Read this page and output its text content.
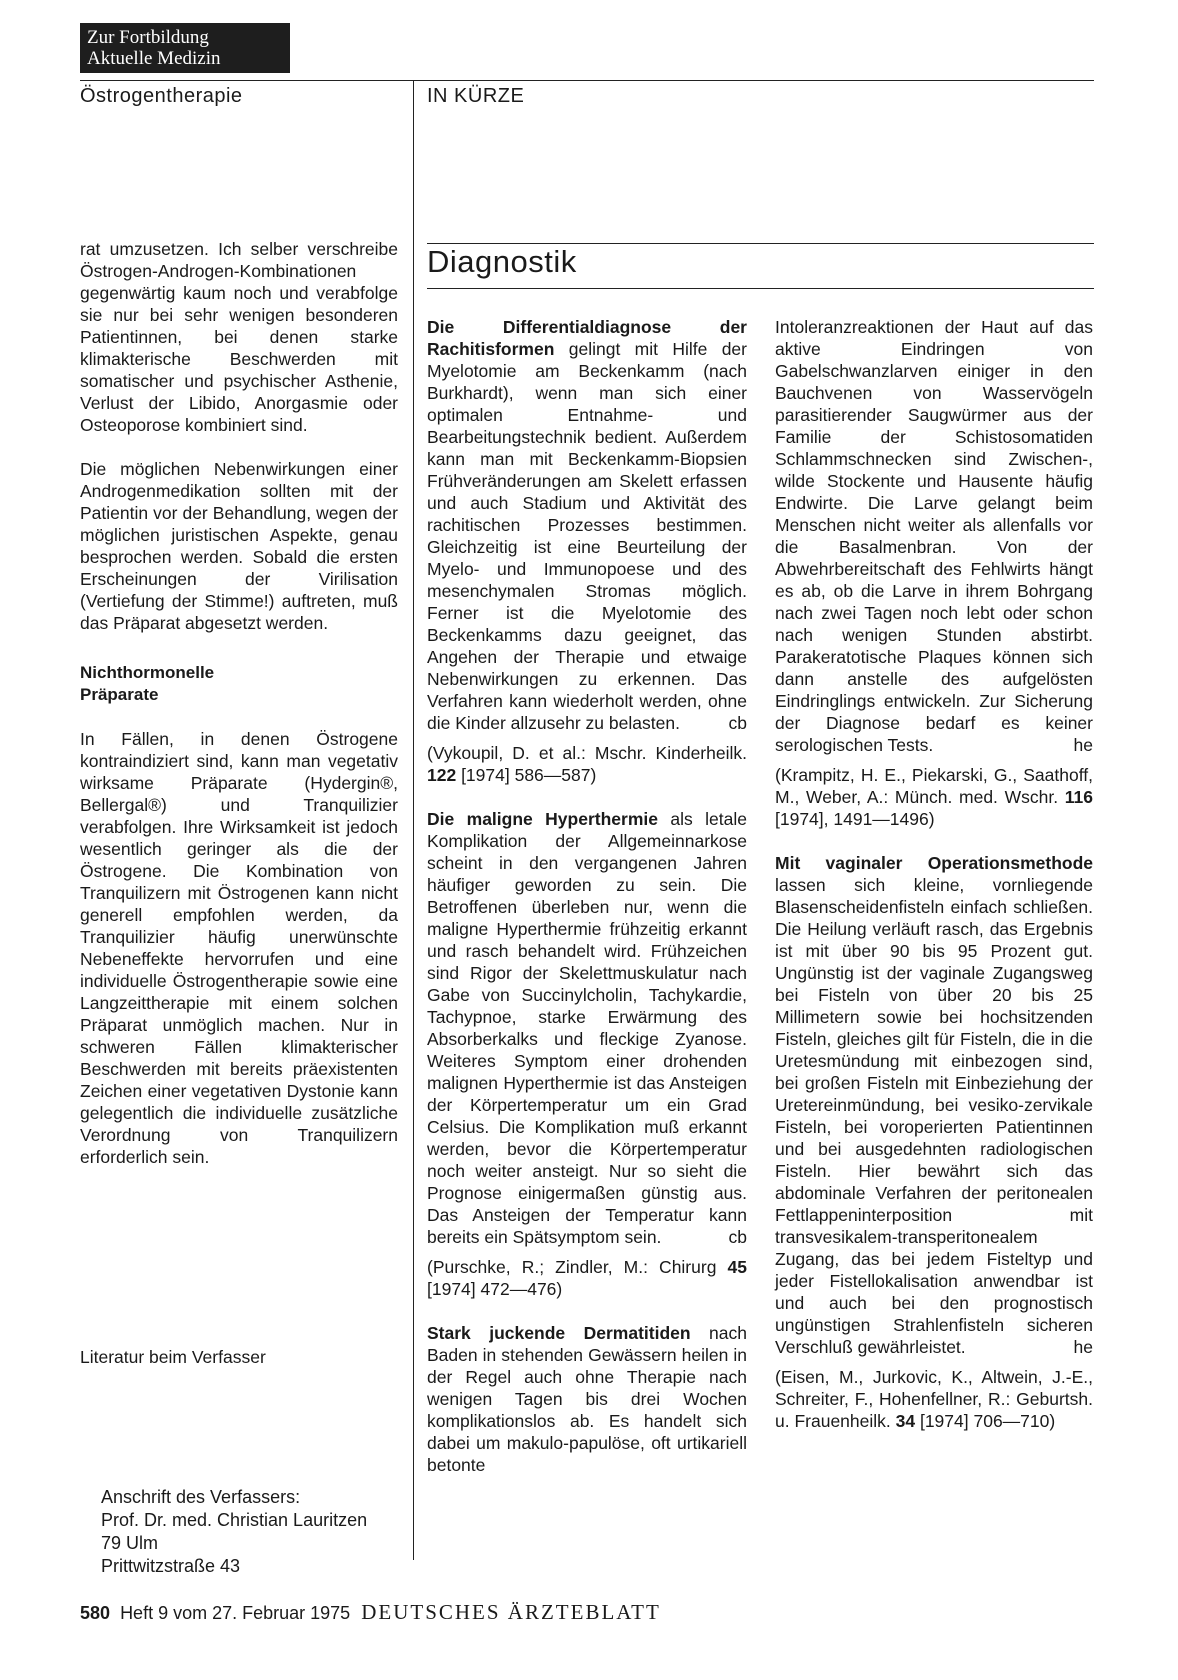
Zur Fortbildung
Aktuelle Medizin
Östrogentherapie	IN KÜRZE

rat umzusetzen. Ich selber verschreibe Östrogen-Androgen-Kombinationen gegenwärtig kaum noch und verabfolge sie nur bei sehr wenigen besonderen Patientinnen, bei denen starke klimakterische Beschwerden mit somatischer und psychischer Asthenie, Verlust der Libido, Anorgasmie oder Osteoporose kombiniert sind.

Die möglichen Nebenwirkungen einer Androgenmedikation sollten mit der Patientin vor der Behandlung, wegen der möglichen juristischen Aspekte, genau besprochen werden. Sobald die ersten Erscheinungen der Virilisation (Vertiefung der Stimme!) auftreten, muß das Präparat abgesetzt werden.

Nichthormonelle
Präparate

In Fällen, in denen Östrogene kontraindiziert sind, kann man vegetativ wirksame Präparate (Hydergin®, Bellergal®) und Tranquilizier verabfolgen. Ihre Wirksamkeit ist jedoch wesentlich geringer als die der Östrogene. Die Kombination von Tranquilizern mit Östrogenen kann nicht generell empfohlen werden, da Tranquilizier häufig unerwünschte Nebeneffekte hervorrufen und eine individuelle Östrogentherapie sowie eine Langzeittherapie mit einem solchen Präparat unmöglich machen. Nur in schweren Fällen klimakterischer Beschwerden mit bereits präexistenten Zeichen einer vegetativen Dystonie kann gelegentlich die individuelle zusätzliche Verordnung von Tranquilizern erforderlich sein.

Literatur beim Verfasser
Anschrift des Verfassers:
Prof. Dr. med. Christian Lauritzen
79 Ulm
Prittwitzstraße 43
Diagnostik

Die Differentialdiagnose der Rachitisformen gelingt mit Hilfe der Myelotomie am Beckenkamm (nach Burkhardt), wenn man sich einer optimalen Entnahme- und Bearbeitungstechnik bedient. Außerdem kann man mit Beckenkamm-Biopsien Frühveränderungen am Skelett erfassen und auch Stadium und Aktivität des rachitischen Prozesses bestimmen. Gleichzeitig ist eine Beurteilung der Myelo- und Immunopoese und des mesenchymalen Stromas möglich. Ferner ist die Myelotomie des Beckenkamms dazu geeignet, das Angehen der Therapie und etwaige Nebenwirkungen zu erkennen. Das Verfahren kann wiederholt werden, ohne die Kinder allzusehr zu belasten.	cb

(Vykoupil, D. et al.: Mschr. Kinderheilk. 122 [1974] 586—587)

Die maligne Hyperthermie als letale Komplikation der Allgemeinnarkose scheint in den vergangenen Jahren häufiger geworden zu sein. Die Betroffenen überleben nur, wenn die maligne Hyperthermie frühzeitig erkannt und rasch behandelt wird. Frühzeichen sind Rigor der Skelettmuskulatur nach Gabe von Succinylcholin, Tachykardie, Tachypnoe, starke Erwärmung des Absorberkalks und fleckige Zyanose. Weiteres Symptom einer drohenden malignen Hyperthermie ist das Ansteigen der Körpertemperatur um ein Grad Celsius. Die Komplikation muß erkannt werden, bevor die Körpertemperatur noch weiter ansteigt. Nur so sieht die Prognose einigermaßen günstig aus. Das Ansteigen der Temperatur kann bereits ein Spätsymptom sein.	cb

(Purschke, R.; Zindler, M.: Chirurg 45 [1974] 472—476)

Stark juckende Dermatitiden nach Baden in stehenden Gewässern heilen in der Regel auch ohne Therapie nach wenigen Tagen bis drei Wochen komplikationslos ab. Es handelt sich dabei um makulo-papulöse, oft urtikariell betonte

Intoleranzreaktionen der Haut auf das aktive Eindringen von Gabelschwanzlarven einiger in den Bauchvenen von Wasservögeln parasitierender Saugwürmer aus der Familie der Schistosomatiden Schlammschnecken sind Zwischen-, wilde Stockente und Hausente häufig Endwirte. Die Larve gelangt beim Menschen nicht weiter als allenfalls vor die Basalmenbran. Von der Abwehrbereitschaft des Fehlwirts hängt es ab, ob die Larve in ihrem Bohrgang nach zwei Tagen noch lebt oder schon nach wenigen Stunden abstirbt. Parakeratotische Plaques können sich dann anstelle des aufgelösten Eindringlings entwickeln. Zur Sicherung der Diagnose bedarf es keiner serologischen Tests.	he

(Krampitz, H. E., Piekarski, G., Saathoff, M., Weber, A.: Münch. med. Wschr. 116 [1974], 1491—1496)

Mit vaginaler Operationsmethode lassen sich kleine, vornliegende Blasenscheidenfisteln einfach schließen. Die Heilung verläuft rasch, das Ergebnis ist mit über 90 bis 95 Prozent gut. Ungünstig ist der vaginale Zugangsweg bei Fisteln von über 20 bis 25 Millimetern sowie bei hochsitzenden Fisteln, gleiches gilt für Fisteln, die in die Uretesmündung mit einbezogen sind, bei großen Fisteln mit Einbeziehung der Uretereinmündung, bei vesiko-zervikale Fisteln, bei voroperierten Patientinnen und bei ausgedehnten radiologischen Fisteln. Hier bewährt sich das abdominale Verfahren der peritonealen Fettlappeninterposition mit transvesikalem-transperitonealem Zugang, das bei jedem Fisteltyp und jeder Fistellokalisation anwendbar ist und auch bei den prognostisch ungünstigen Strahlenfisteln sicheren Verschluß gewährleistet.	he

(Eisen, M., Jurkovic, K., Altwein, J.-E., Schreiter, F., Hohenfellner, R.: Geburtsh. u. Frauenheilk. 34 [1974] 706—710)

580 Heft 9 vom 27. Februar 1975 DEUTSCHES ÄRZTEBLATT
